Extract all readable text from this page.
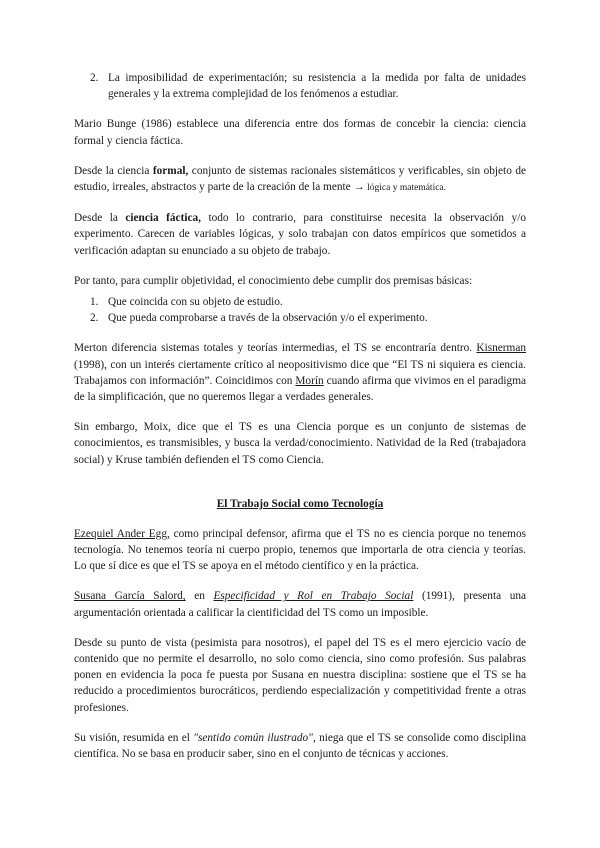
2. La imposibilidad de experimentación; su resistencia a la medida por falta de unidades generales y la extrema complejidad de los fenómenos a estudiar.

Mario Bunge (1986) establece una diferencia entre dos formas de concebir la ciencia: ciencia formal y ciencia fáctica.

Desde la ciencia formal, conjunto de sistemas racionales sistemáticos y verificables, sin objeto de estudio, irreales, abstractos y parte de la creación de la mente → lógica y matemática.

Desde la ciencia fáctica, todo lo contrario, para constituirse necesita la observación y/o experimento. Carecen de variables lógicas, y solo trabajan con datos empíricos que sometidos a verificación adaptan su enunciado a su objeto de trabajo.

Por tanto, para cumplir objetividad, el conocimiento debe cumplir dos premisas básicas:

1. Que coincida con su objeto de estudio.
2. Que pueda comprobarse a través de la observación y/o el experimento.

Merton diferencia sistemas totales y teorías intermedias, el TS se encontraría dentro. Kisnerman (1998), con un interés ciertamente crítico al neopositivismo dice que “El TS ni siquiera es ciencia. Trabajamos con información”. Coincidimos con Morín cuando afirma que vivimos en el paradigma de la simplificación, que no queremos llegar a verdades generales.

Sin embargo, Moix, dice que el TS es una Ciencia porque es un conjunto de sistemas de conocimientos, es transmisibles, y busca la verdad/conocimiento. Natividad de la Red (trabajadora social) y Kruse también defienden el TS como Ciencia.

El Trabajo Social como Tecnología

Ezequiel Ander Egg, como principal defensor, afirma que el TS no es ciencia porque no tenemos tecnología. No tenemos teoría ni cuerpo propio, tenemos que importarla de otra ciencia y teorías. Lo que sí dice es que el TS se apoya en el método científico y en la práctica.

Susana García Salord, en Especificidad y Rol en Trabajo Social (1991), presenta una argumentación orientada a calificar la cientificidad del TS como un imposible.

Desde su punto de vista (pesimista para nosotros), el papel del TS es el mero ejercicio vacío de contenido que no permite el desarrollo, no solo como ciencia, sino como profesión. Sus palabras ponen en evidencia la poca fe puesta por Susana en nuestra disciplina: sostiene que el TS se ha reducido a procedimientos burocráticos, perdiendo especialización y competitividad frente a otras profesiones.

Su visión, resumida en el "sentido común ilustrado", niega que el TS se consolide como disciplina científica. No se basa en producir saber, sino en el conjunto de técnicas y acciones.
